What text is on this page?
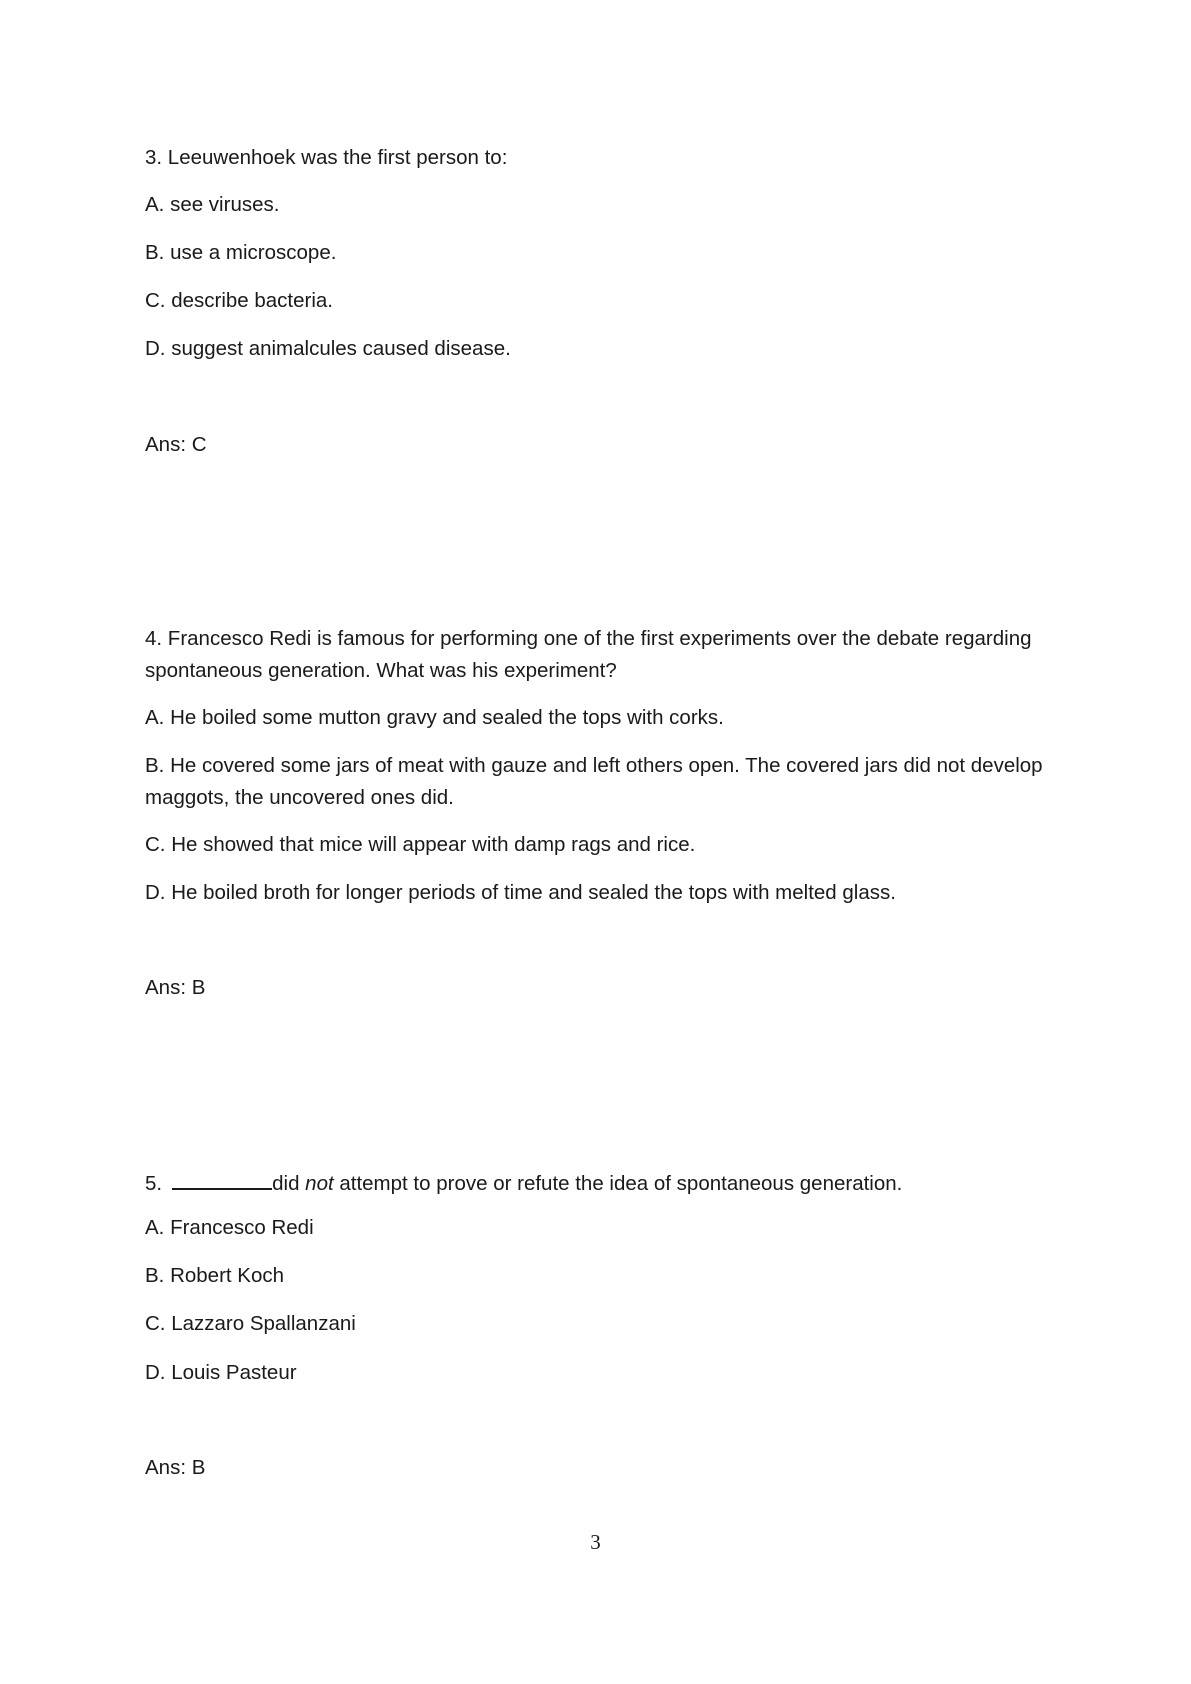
3. Leeuwenhoek was the first person to:
A. see viruses.
B. use a microscope.
C. describe bacteria.
D. suggest animalcules caused disease.
Ans: C
4. Francesco Redi is famous for performing one of the first experiments over the debate regarding spontaneous generation. What was his experiment?
A. He boiled some mutton gravy and sealed the tops with corks.
B. He covered some jars of meat with gauze and left others open. The covered jars did not develop maggots, the uncovered ones did.
C. He showed that mice will appear with damp rags and rice.
D. He boiled broth for longer periods of time and sealed the tops with melted glass.
Ans: B
5.	did not attempt to prove or refute the idea of spontaneous generation.
A. Francesco Redi
B. Robert Koch
C. Lazzaro Spallanzani
D. Louis Pasteur
Ans: B
3
